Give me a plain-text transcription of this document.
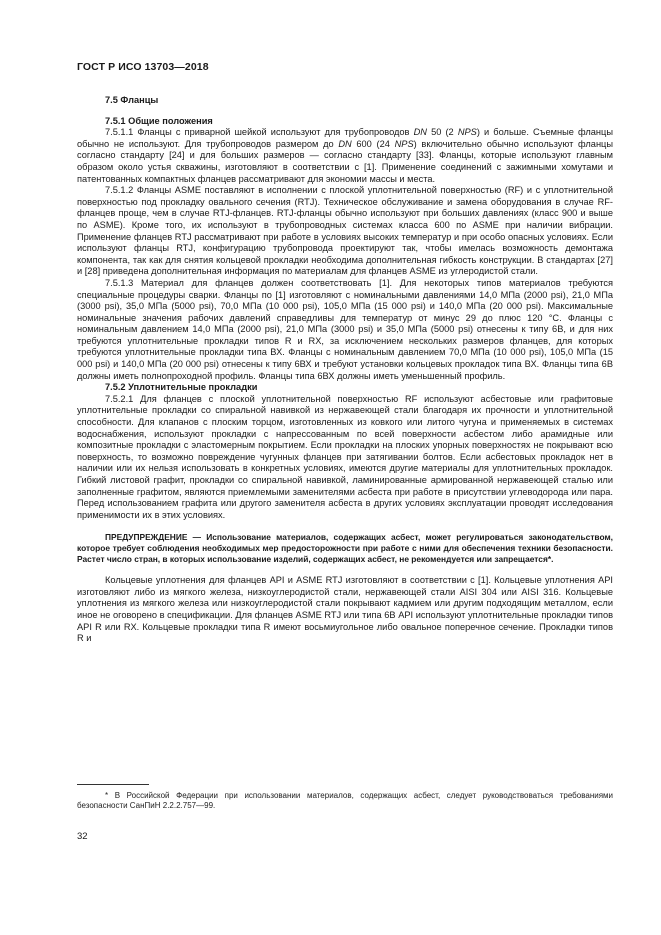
ГОСТ Р ИСО 13703—2018
7.5 Фланцы
7.5.1 Общие положения

7.5.1.1 Фланцы с приварной шейкой используют для трубопроводов DN 50 (2 NPS) и больше. Съемные фланцы обычно не используют. Для трубопроводов размером до DN 600 (24 NPS) включительно обычно используют фланцы согласно стандарту [24] и для больших размеров — согласно стандарту [33]. Фланцы, которые используют главным образом около устья скважины, изготовляют в соответствии с [1]. Применение соединений с зажимными хомутами и патентованных компактных фланцев рассматривают для экономии массы и места.

7.5.1.2 Фланцы ASME поставляют в исполнении с плоской уплотнительной поверхностью (RF) и с уплотнительной поверхностью под прокладку овального сечения (RTJ). Техническое обслуживание и замена оборудования в случае RF-фланцев проще, чем в случае RTJ-фланцев. RTJ-фланцы обычно используют при больших давлениях (класс 900 и выше по ASME). Кроме того, их используют в трубопроводных системах класса 600 по ASME при наличии вибрации. Применение фланцев RTJ рассматривают при работе в условиях высоких температур и при особо опасных условиях. Если используют фланцы RTJ, конфигурацию трубопровода проектируют так, чтобы имелась возможность демонтажа компонента, так как для снятия кольцевой прокладки необходима дополнительная гибкость конструкции. В стандартах [27] и [28] приведена дополнительная информация по материалам для фланцев ASME из углеродистой стали.

7.5.1.3 Материал для фланцев должен соответствовать [1]. Для некоторых типов материалов требуются специальные процедуры сварки. Фланцы по [1] изготовляют с номинальными давлениями 14,0 МПа (2000 psi), 21,0 МПа (3000 psi), 35,0 МПа (5000 psi), 70,0 МПа (10 000 psi), 105,0 МПа (15 000 psi) и 140,0 МПа (20 000 psi). Максимальные номинальные значения рабочих давлений справедливы для температур от минус 29 до плюс 120 °С. Фланцы с номинальным давлением 14,0 МПа (2000 psi), 21,0 МПа (3000 psi) и 35,0 МПа (5000 psi) отнесены к типу 6В, и для них требуются уплотнительные прокладки типов R и RX, за исключением нескольких размеров фланцев, для которых требуются уплотнительные прокладки типа ВХ. Фланцы с номинальным давлением 70,0 МПа (10 000 psi), 105,0 МПа (15 000 psi) и 140,0 МПа (20 000 psi) отнесены к типу 6ВХ и требуют установки кольцевых прокладок типа ВХ. Фланцы типа 6В должны иметь полнопроходной профиль. Фланцы типа 6ВХ должны иметь уменьшенный профиль.

7.5.2 Уплотнительные прокладки

7.5.2.1 Для фланцев с плоской уплотнительной поверхностью RF используют асбестовые или графитовые уплотнительные прокладки со спиральной навивкой из нержавеющей стали благодаря их прочности и уплотнительной способности. Для клапанов с плоским торцом, изготовленных из ковкого или литого чугуна и применяемых в системах водоснабжения, используют прокладки с напрессованным по всей поверхности асбестом либо арамидные или композитные прокладки с эластомерным покрытием. Если прокладки на плоских упорных поверхностях не покрывают всю поверхность, то возможно повреждение чугунных фланцев при затягивании болтов. Если асбестовых прокладок нет в наличии или их нельзя использовать в конкретных условиях, имеются другие материалы для уплотнительных прокладок. Гибкий листовой графит, прокладки со спиральной навивкой, ламинированные армированной нержавеющей сталью или заполненные графитом, являются приемлемыми заменителями асбеста при работе в присутствии углеводорода или пара. Перед использованием графита или другого заменителя асбеста в других условиях эксплуатации проводят исследования применимости их в этих условиях.

ПРЕДУПРЕЖДЕНИЕ — Использование материалов, содержащих асбест, может регулироваться законодательством, которое требует соблюдения необходимых мер предосторожности при работе с ними для обеспечения техники безопасности. Растет число стран, в которых использование изделий, содержащих асбест, не рекомендуется или запрещается*.

Кольцевые уплотнения для фланцев API и ASME RTJ изготовляют в соответствии с [1]. Кольцевые уплотнения API изготовляют либо из мягкого железа, низкоуглеродистой стали, нержавеющей стали AISI 304 или AISI 316. Кольцевые уплотнения из мягкого железа или низкоуглеродистой стали покрывают кадмием или другим подходящим металлом, если иное не оговорено в спецификации. Для фланцев ASME RTJ или типа 6В API используют уплотнительные прокладки типов API R или RX. Кольцевые прокладки типа R имеют восьмиугольное либо овальное поперечное сечение. Прокладки типов R и

* В Российской Федерации при использовании материалов, содержащих асбест, следует руководствоваться требованиями безопасности СанПиН 2.2.2.757—99.
32
